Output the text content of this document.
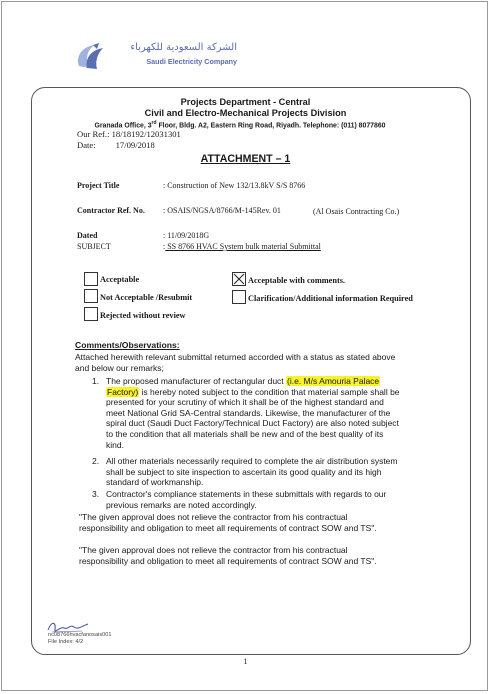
الشركة السعودية للكهرباء
Saudi Electricity Company
Projects Department - Central
Civil and Electro-Mechanical Projects Division
Granada Office, 3rd Floor, Bldg. A2, Eastern Ring Road, Riyadh. Telephone: (011) 8077860
Our Ref.: 18/18192/12031301
Date: 17/09/2018
ATTACHMENT – 1
Project Title	: Construction of New 132/13.8kV S/S 8766
Contractor Ref. No. : OSAIS/NGSA/8766/M-145Rev. 01	(Al Osais Contracting Co.)
Dated	: 11/09/2018G
SUBJECT	: SS 8766 HVAC System bulk material Submittal
Acceptable	Acceptable with comments.
Not Acceptable /Resubmit	Clarification/Additional information Required
Rejected without review
Comments/Observations:
Attached herewith relevant submittal returned accorded with a status as stated above
and below our remarks;
1. The proposed manufacturer of rectangular duct (i.e. M/s Amouria Palace
Factory) is hereby noted subject to the condition that material sample shall be
presented for your scrutiny of which it shall be of the highest standard and
meet National Grid SA-Central standards. Likewise, the manufacturer of the
spiral duct (Saudi Duct Factory/Technical Duct Factory) are also noted subject
to the condition that all materials shall be new and of the best quality of its
kind.
2. All other materials necessarily required to complete the air distribution system
shall be subject to site inspection to ascertain its good quality and its high
standard of workmanship.
3. Contractor's compliance statements in these submittals with regards to our
previous remarks are noted accordingly.
"The given approval does not relieve the contractor from his contractual
responsibility and obligation to meet all requirements of contract SOW and TS".
"The given approval does not relieve the contractor from his contractual
responsibility and obligation to meet all requirements of contract SOW and TS".
nc08766hvacfanosais001
File Index: 4/2
1
